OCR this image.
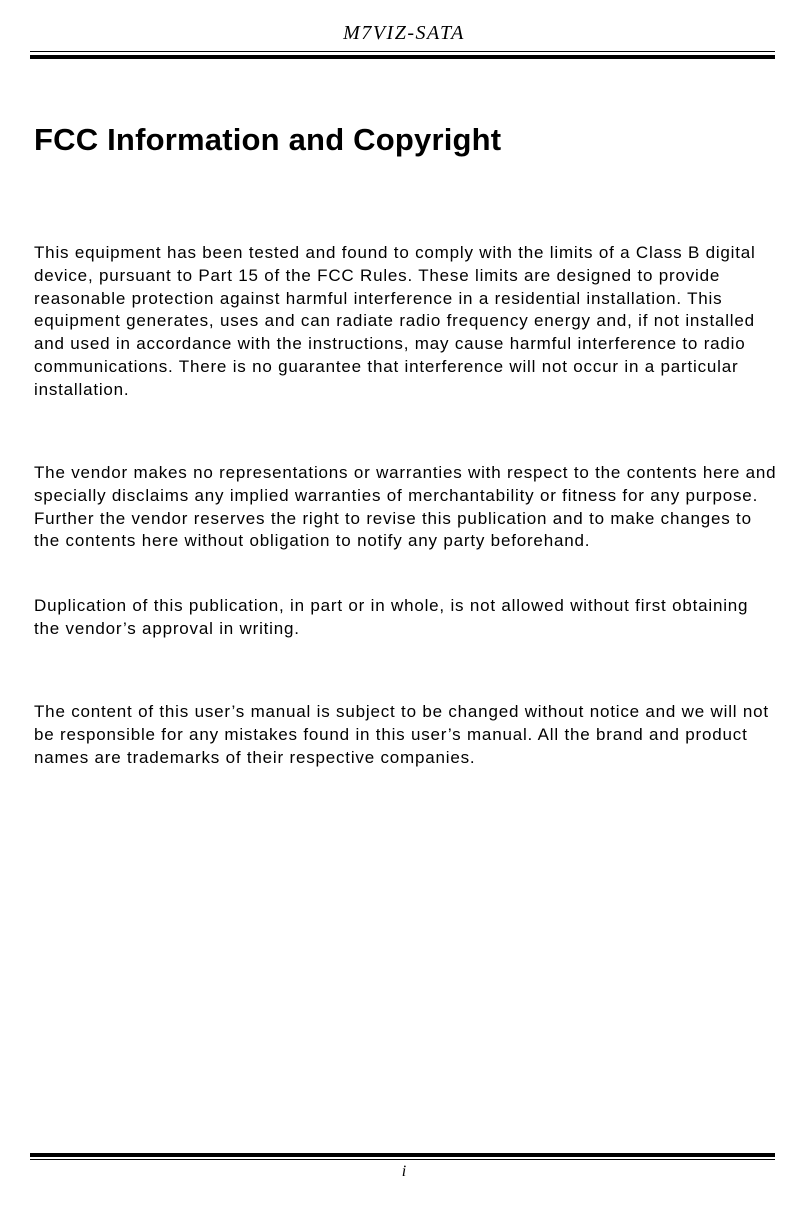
M7VIZ-SATA
FCC Information and Copyright

This equipment has been tested and found to comply with the limits of a Class B digital device, pursuant to Part 15 of the FCC Rules. These limits are designed to provide reasonable protection against harmful interference in a residential installation. This equipment generates, uses and can radiate radio frequency energy and, if not installed and used in accordance with the instructions, may cause harmful interference to radio communications. There is no guarantee that interference will not occur in a particular installation.

The vendor makes no representations or warranties with respect to the contents here and specially disclaims any implied warranties of merchantability or fitness for any purpose. Further the vendor reserves the right to revise this publication and to make changes to the contents here without obligation to notify any party beforehand.

Duplication of this publication, in part or in whole, is not allowed without first obtaining the vendor’s approval in writing.

The content of this user’s manual is subject to be changed without notice and we will not be responsible for any mistakes found in this user’s manual. All the brand and product names are trademarks of their respective companies.

i
